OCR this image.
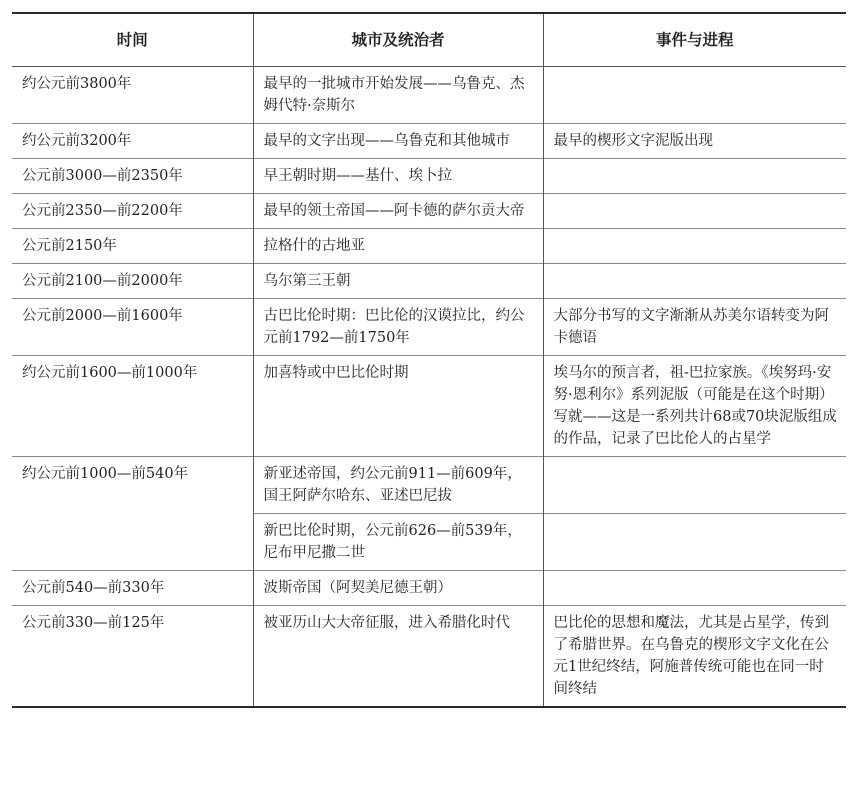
时间	城市及统治者	事件与进程
约公元前3800年	最早的一批城市开始发展——乌鲁克、杰姆代特·奈斯尔	
约公元前3200年	最早的文字出现——乌鲁克和其他城市	最早的楔形文字泥版出现
公元前3000—前2350年	早王朝时期——基什、埃卜拉	
公元前2350—前2200年	最早的领土帝国——阿卡德的萨尔贡大帝	
公元前2150年	拉格什的古地亚	
公元前2100—前2000年	乌尔第三王朝	
公元前2000—前1600年	古巴比伦时期：巴比伦的汉谟拉比，约公元前1792—前1750年	大部分书写的文字渐渐从苏美尔语转变为阿卡德语
约公元前1600—前1000年	加喜特或中巴比伦时期	埃马尔的预言者，祖-巴拉家族。《埃努玛·安努·恩利尔》系列泥版（可能是在这个时期）写就——这是一系列共计68或70块泥版组成的作品，记录了巴比伦人的占星学
约公元前1000—前540年	新亚述帝国，约公元前911—前609年，国王阿萨尔哈东、亚述巴尼拔	
	新巴比伦时期，公元前626—前539年，尼布甲尼撒二世	
公元前540—前330年	波斯帝国（阿契美尼德王朝）	
公元前330—前125年	被亚历山大大帝征服，进入希腊化时代	巴比伦的思想和魔法，尤其是占星学，传到了希腊世界。在乌鲁克的楔形文字文化在公元1世纪终结，阿施普传统可能也在同一时间终结
